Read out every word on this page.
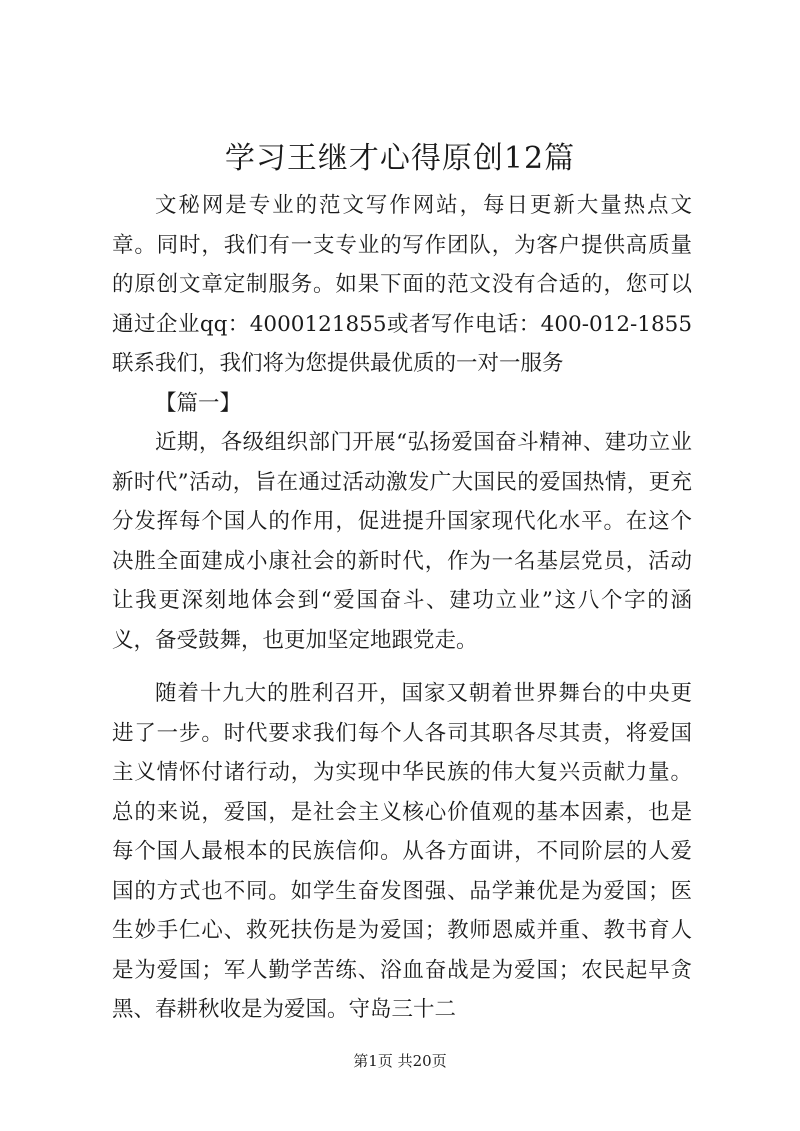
学习王继才心得原创12篇

文秘网是专业的范文写作网站，每日更新大量热点文章。同时，我们有一支专业的写作团队，为客户提供高质量的原创文章定制服务。如果下面的范文没有合适的，您可以通过企业qq：4000121855或者写作电话：400-012-1855联系我们，我们将为您提供最优质的一对一服务

【篇一】

近期，各级组织部门开展“弘扬爱国奋斗精神、建功立业新时代”活动，旨在通过活动激发广大国民的爱国热情，更充分发挥每个国人的作用，促进提升国家现代化水平。在这个决胜全面建成小康社会的新时代，作为一名基层党员，活动让我更深刻地体会到“爱国奋斗、建功立业”这八个字的涵义，备受鼓舞，也更加坚定地跟党走。

随着十九大的胜利召开，国家又朝着世界舞台的中央更进了一步。时代要求我们每个人各司其职各尽其责，将爱国主义情怀付诸行动，为实现中华民族的伟大复兴贡献力量。总的来说，爱国，是社会主义核心价值观的基本因素，也是每个国人最根本的民族信仰。从各方面讲，不同阶层的人爱国的方式也不同。如学生奋发图强、品学兼优是为爱国；医生妙手仁心、救死扶伤是为爱国；教师恩威并重、教书育人是为爱国；军人勤学苦练、浴血奋战是为爱国；农民起早贪黑、春耕秋收是为爱国。守岛三十二

第1页 共20页
